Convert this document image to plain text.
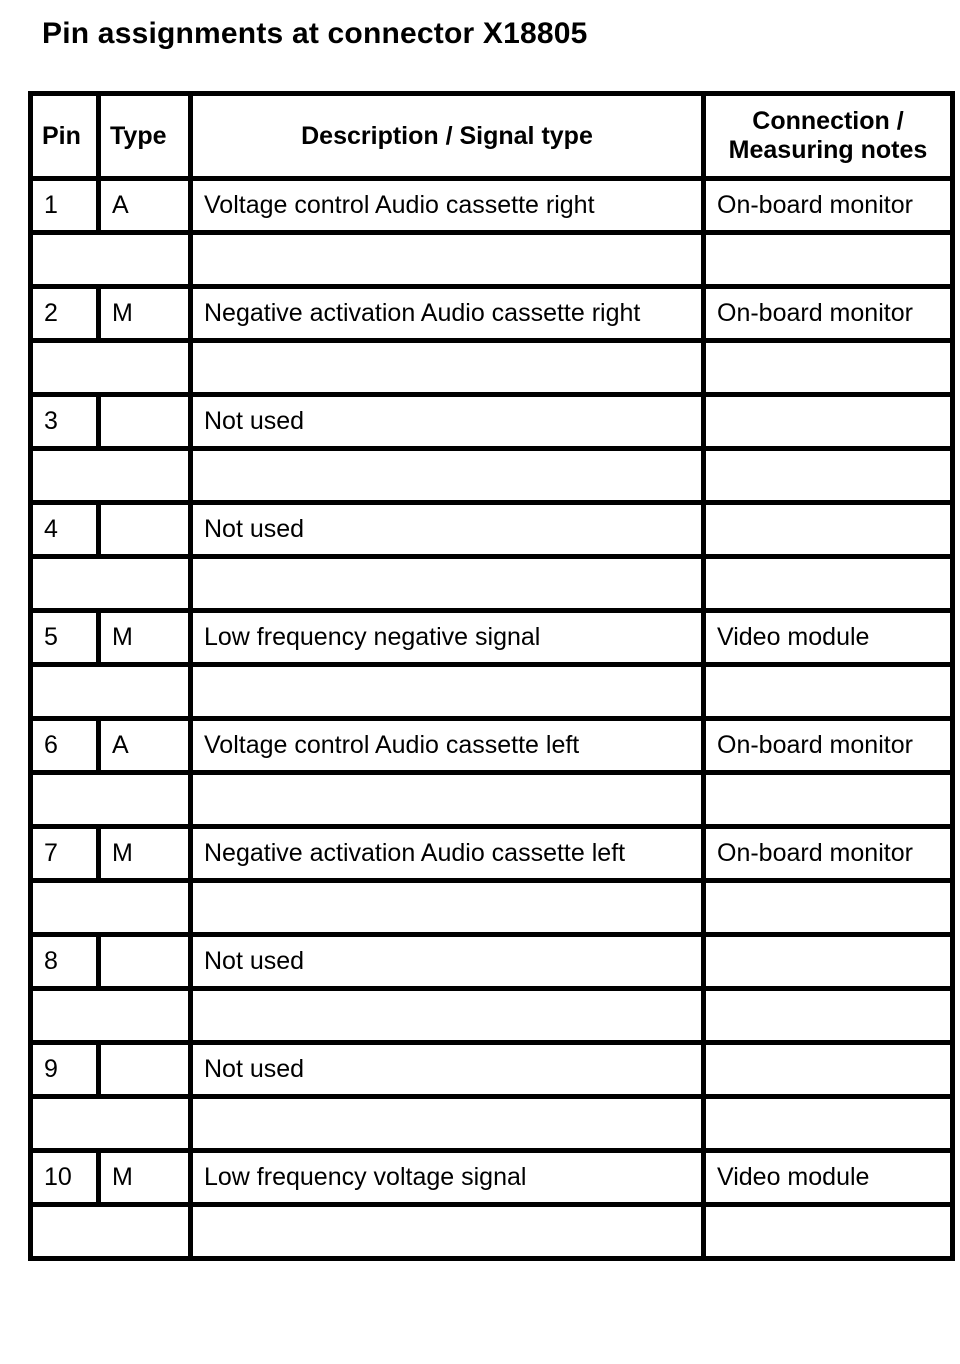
Pin assignments at connector X18805
Pin	Type	Description / Signal type	Connection /
Measuring notes
1	A	Voltage control Audio cassette right	On-board monitor

2	M	Negative activation Audio cassette right	On-board monitor

3		Not used	

4		Not used	

5	M	Low frequency negative signal	Video module

6	A	Voltage control Audio cassette left	On-board monitor

7	M	Negative activation Audio cassette left	On-board monitor

8		Not used	

9		Not used	

10	M	Low frequency voltage signal	Video module
